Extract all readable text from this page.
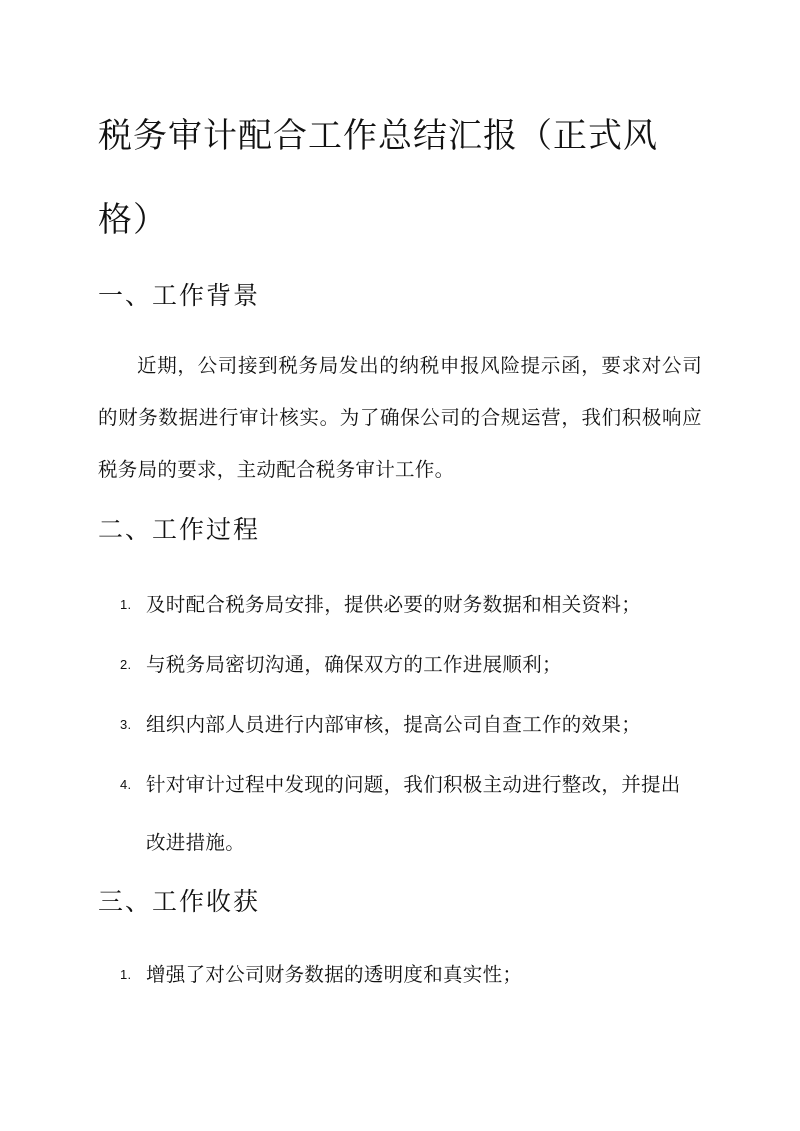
税务审计配合工作总结汇报（正式风格）
一、工作背景

近期，公司接到税务局发出的纳税申报风险提示函，要求对公司的财务数据进行审计核实。为了确保公司的合规运营，我们积极响应税务局的要求，主动配合税务审计工作。

二、工作过程
1. 及时配合税务局安排，提供必要的财务数据和相关资料；
2. 与税务局密切沟通，确保双方的工作进展顺利；
3. 组织内部人员进行内部审核，提高公司自查工作的效果；
4. 针对审计过程中发现的问题，我们积极主动进行整改，并提出改进措施。
三、工作收获
1. 增强了对公司财务数据的透明度和真实性；
